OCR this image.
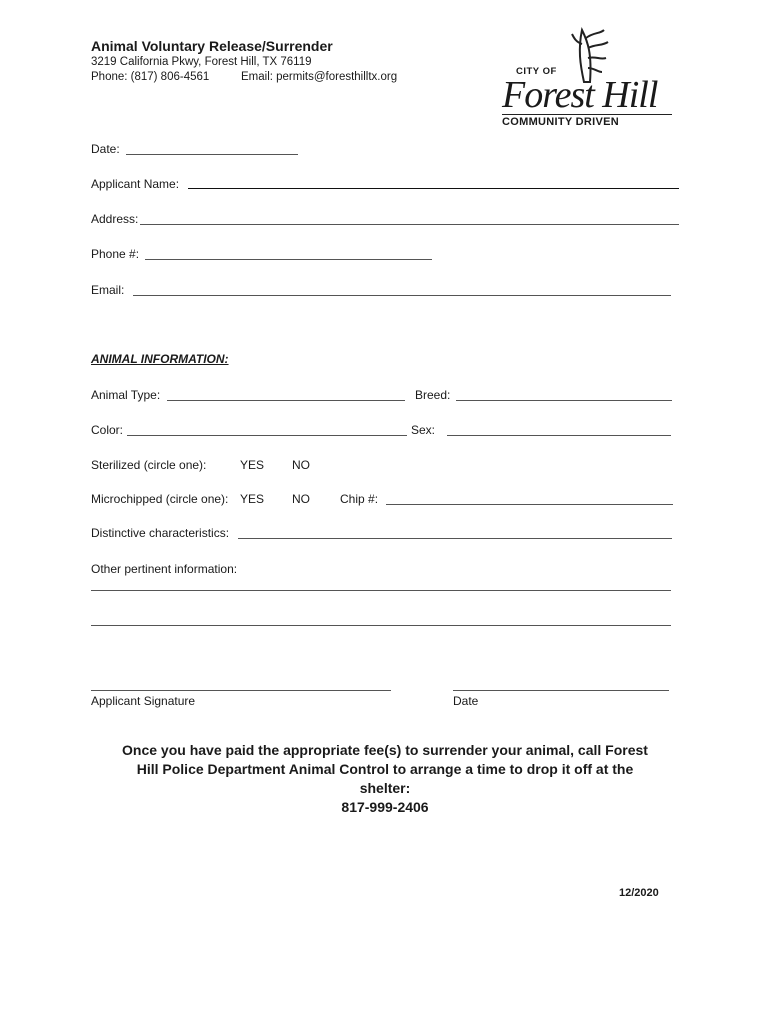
Animal Voluntary Release/Surrender
3219 California Pkwy, Forest Hill, TX 76119
Phone: (817) 806-4561	Email: permits@foresthilltx.org	CITY OF
Forest Hill
COMMUNITY DRIVEN
Date:
Applicant Name:
Address:
Phone #:
Email:
ANIMAL INFORMATION:
Animal Type:	Breed:
Color:	Sex:
Sterilized (circle one):	YES NO
Microchipped (circle one): YES NO	Chip #:
Distinctive characteristics:
Other pertinent information:
Applicant Signature	Date
Once you have paid the appropriate fee(s) to surrender your animal, call Forest Hill Police Department Animal Control to arrange a time to drop it off at the shelter:
817-999-2406
12/2020
